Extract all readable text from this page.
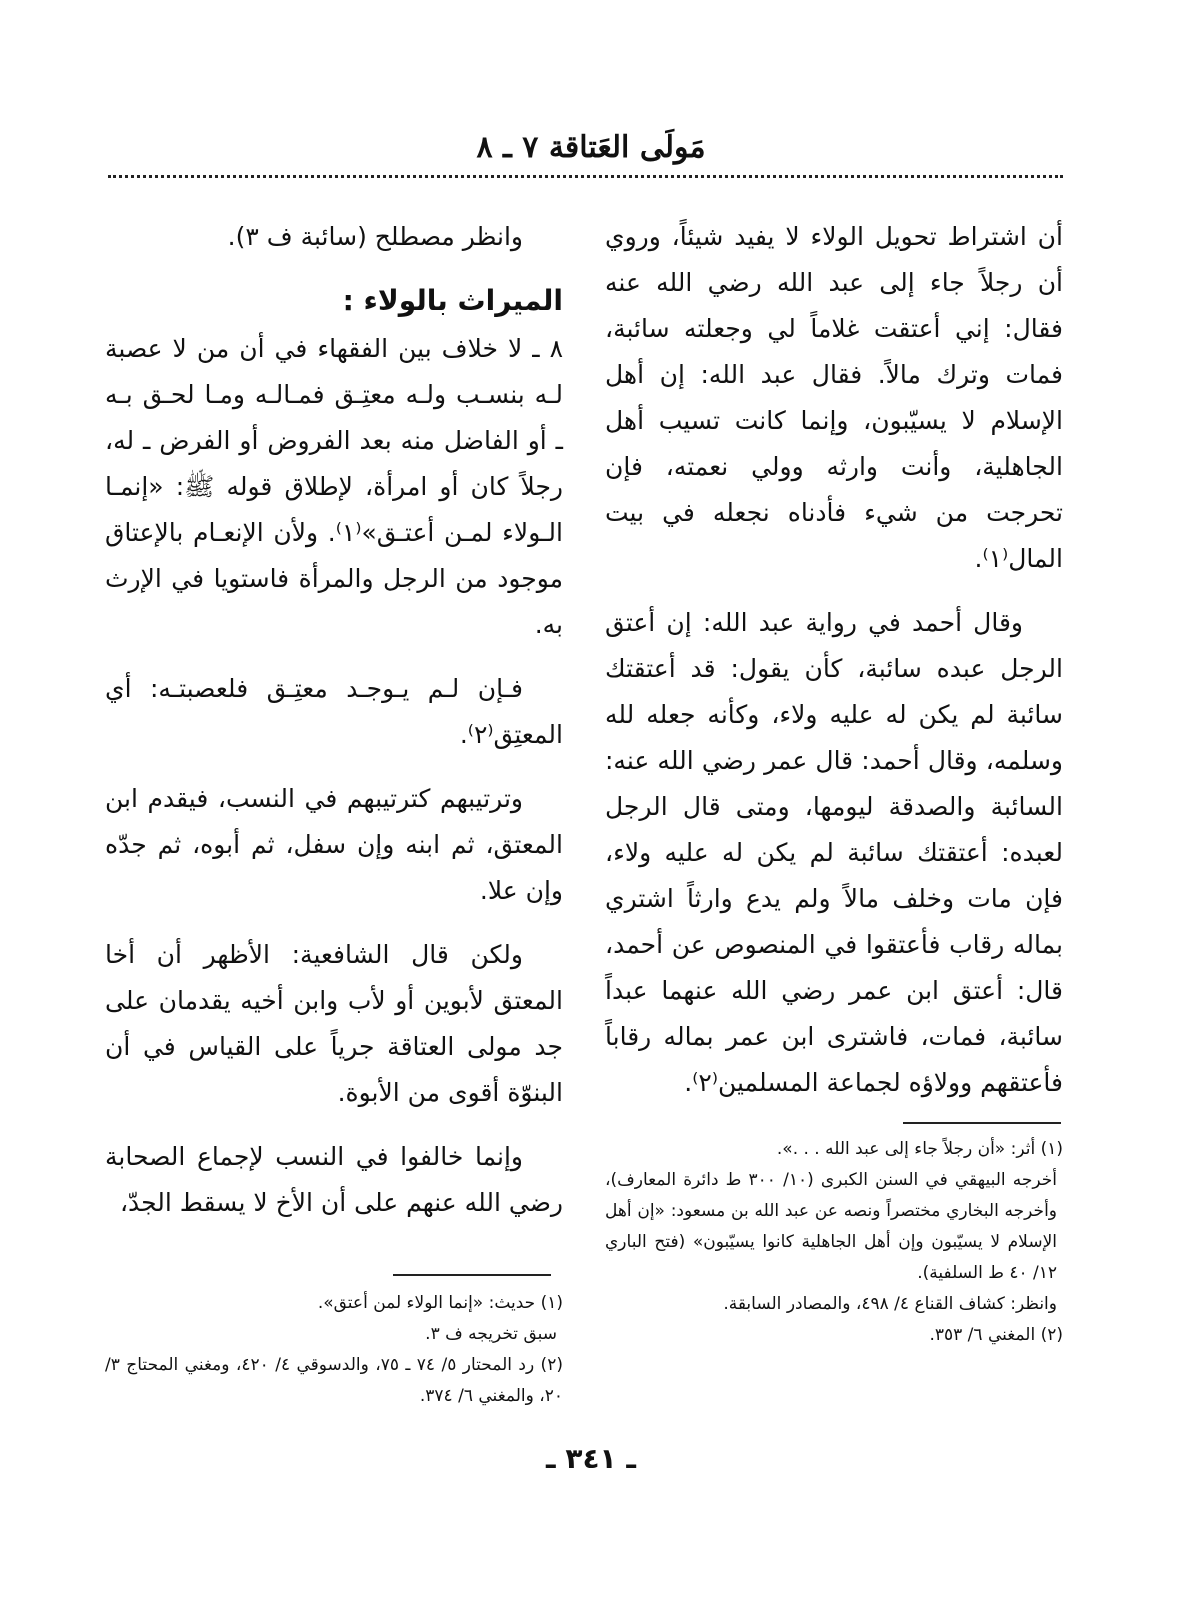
مَولَى العَتاقة ٧ ـ ٨

أن اشتراط تحويل الولاء لا يفيد شيئاً، وروي أن رجلاً جاء إلى عبد الله رضي الله عنه فقال: إني أعتقت غلاماً لي وجعلته سائبة، فمات وترك مالاً. فقال عبد الله: إن أهل الإسلام لا يسيّبون، وإنما كانت تسيب أهل الجاهلية، وأنت وارثه وولي نعمته، فإن تحرجت من شيء فأدناه نجعله في بيت المال⁽١⁾.

وقال أحمد في رواية عبد الله: إن أعتق الرجل عبده سائبة، كأن يقول: قد أعتقتك سائبة لم يكن له عليه ولاء، وكأنه جعله لله وسلمه، وقال أحمد: قال عمر رضي الله عنه: السائبة والصدقة ليومها، ومتى قال الرجل لعبده: أعتقتك سائبة لم يكن له عليه ولاء، فإن مات وخلف مالاً ولم يدع وارثاً اشتري بماله رقاب فأعتقوا في المنصوص عن أحمد، قال: أعتق ابن عمر رضي الله عنهما عبداً سائبة، فمات، فاشترى ابن عمر بماله رقاباً فأعتقهم وولاؤه لجماعة المسلمين⁽٢⁾.

وانظر مصطلح (سائبة ف ٣).

الميراث بالولاء :

٨ ـ لا خلاف بين الفقهاء في أن من لا عصبة لـه بنسـب ولـه معتِـق فمـالـه ومـا لحـق بـه ـ أو الفاضل منه بعد الفروض أو الفرض ـ له، رجلاً كان أو امرأة، لإطلاق قوله ﷺ: «إنمـا الـولاء لمـن أعتـق»⁽١⁾. ولأن الإنعـام بالإعتاق موجود من الرجل والمرأة فاستويا في الإرث به.

فـإن لـم يـوجـد معتِـق فلعصبتـه: أي المعتِق⁽٢⁾.

وترتيبهم كترتيبهم في النسب، فيقدم ابن المعتق، ثم ابنه وإن سفل، ثم أبوه، ثم جدّه وإن علا.

ولكن قال الشافعية: الأظهر أن أخا المعتق لأبوين أو لأب وابن أخيه يقدمان على جد مولى العتاقة جرياً على القياس في أن البنوّة أقوى من الأبوة.

وإنما خالفوا في النسب لإجماع الصحابة رضي الله عنهم على أن الأخ لا يسقط الجدّ،

(١) أثر: «أن رجلاً جاء إلى عبد الله . . .».

أخرجه البيهقي في السنن الكبرى (١٠/ ٣٠٠ ط دائرة المعارف)، وأخرجه البخاري مختصراً ونصه عن عبد الله بن مسعود: «إن أهل الإسلام لا يسيّبون وإن أهل الجاهلية كانوا يسيّبون» (فتح الباري ١٢/ ٤٠ ط السلفية).

وانظر: كشاف القناع ٤/ ٤٩٨، والمصادر السابقة.

(٢) المغني ٦/ ٣٥٣.

(١) حديث: «إنما الولاء لمن أعتق».

سبق تخريجه ف ٣.

(٢) رد المحتار ٥/ ٧٤ ـ ٧٥، والدسوقي ٤/ ٤٢٠، ومغني المحتاج ٣/ ٢٠، والمغني ٦/ ٣٧٤.

ـ ٣٤١ ـ
